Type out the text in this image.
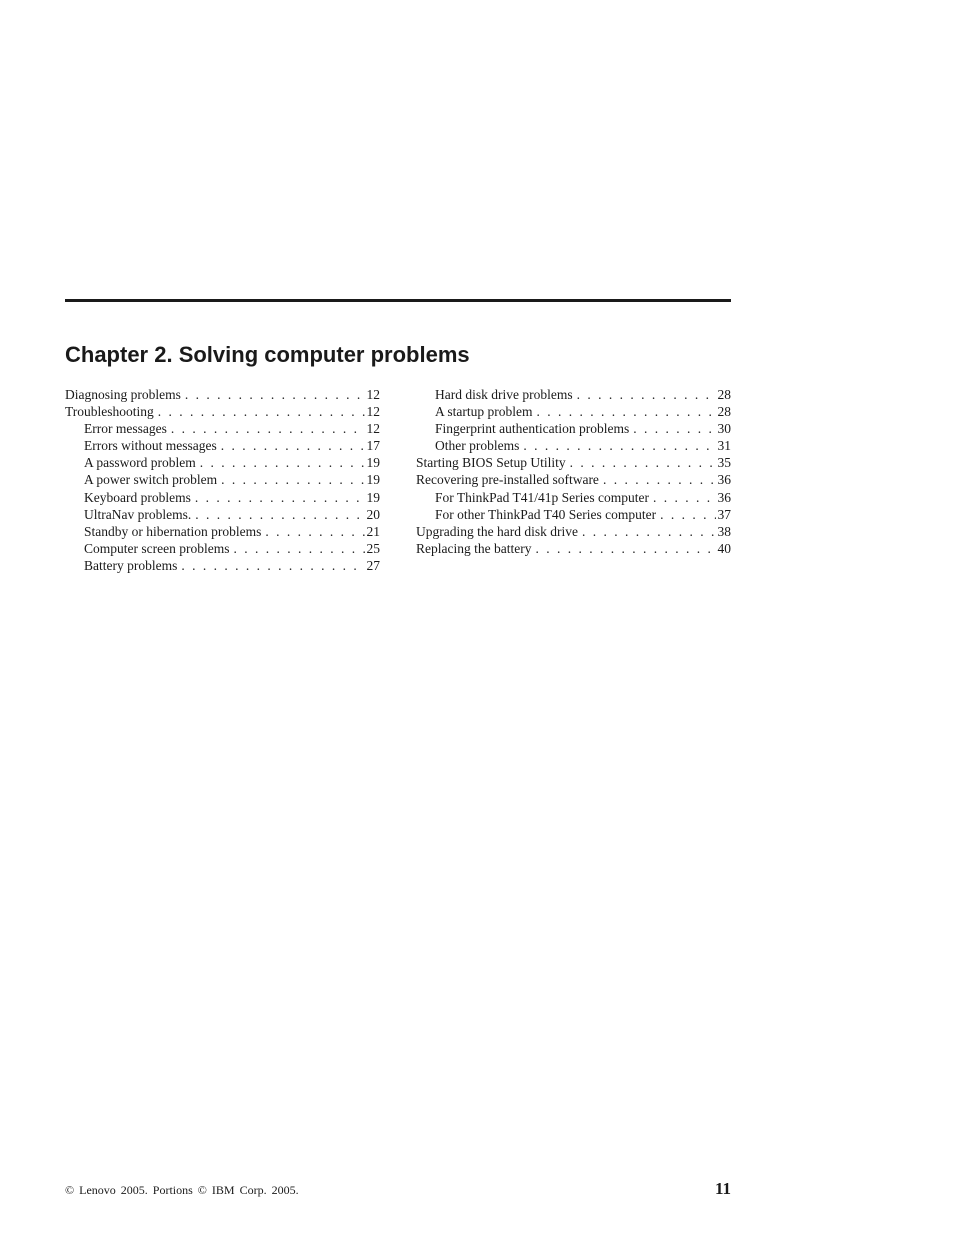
Chapter 2. Solving computer problems
Diagnosing problems . . .	12
Troubleshooting . . .	12
Error messages . . .	12
Errors without messages . . .	17
A password problem . . .	19
A power switch problem . . .	19
Keyboard problems . . .	19
UltraNav problems. . . .	20
Standby or hibernation problems . . .	21
Computer screen problems . . .	25
Battery problems . . .	27
Hard disk drive problems . . .	28
A startup problem . . .	28
Fingerprint authentication problems . . .	30
Other problems . . .	31
Starting BIOS Setup Utility . . .	35
Recovering pre-installed software . . .	36
For ThinkPad T41/41p Series computer . . .	36
For other ThinkPad T40 Series computer . . .	37
Upgrading the hard disk drive . . .	38
Replacing the battery . . .	40
© Lenovo 2005. Portions © IBM Corp. 2005.	11
